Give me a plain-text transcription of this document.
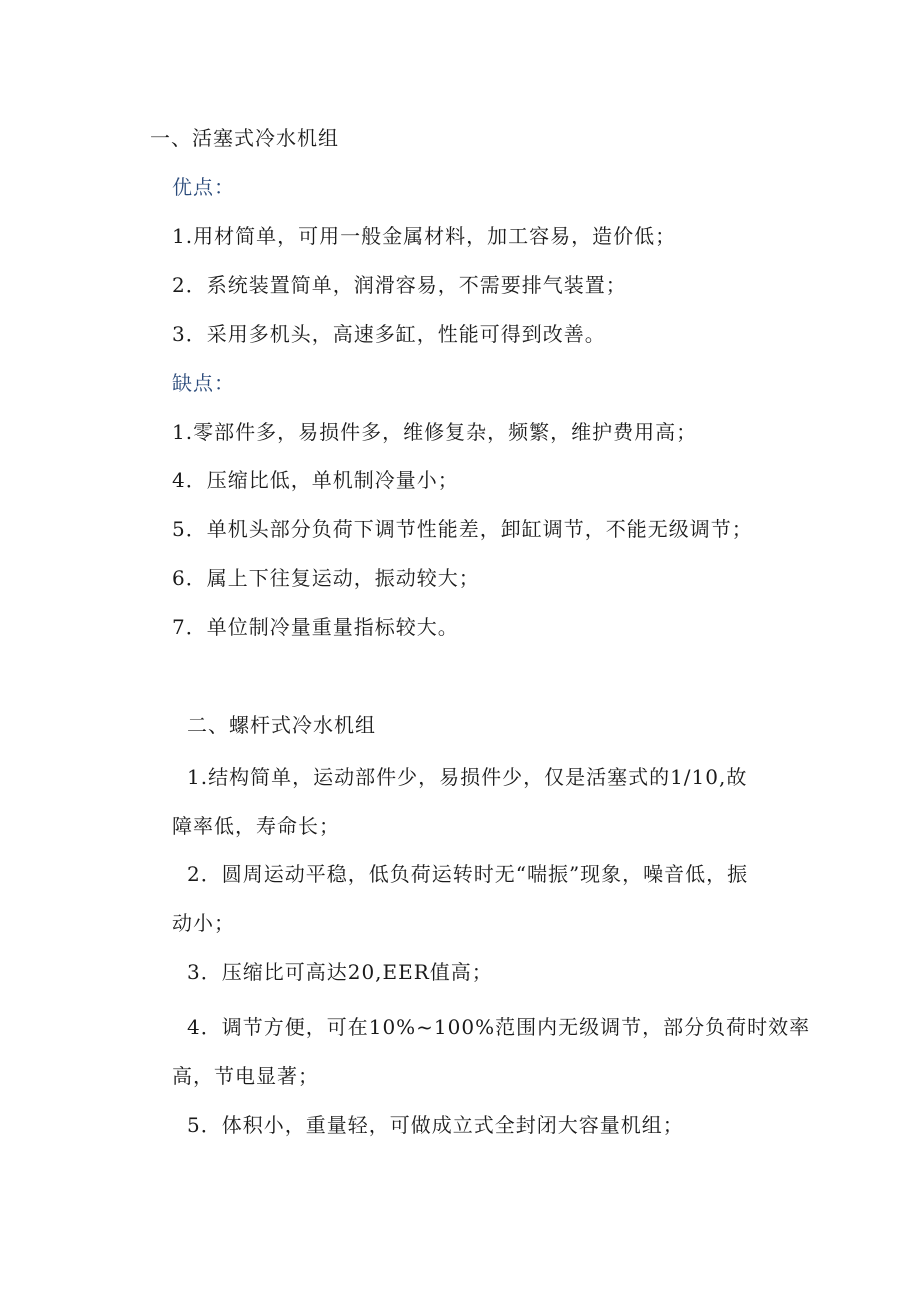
一、活塞式冷水机组
优点：
1.用材简单，可用一般金属材料，加工容易，造价低；
2．系统装置简单，润滑容易，不需要排气装置；
3．采用多机头，高速多缸，性能可得到改善。
缺点：
1.零部件多，易损件多，维修复杂，频繁，维护费用高；
4．压缩比低，单机制冷量小；
5．单机头部分负荷下调节性能差，卸缸调节，不能无级调节；
6．属上下往复运动，振动较大；
7．单位制冷量重量指标较大。
二、螺杆式冷水机组
1.结构简单，运动部件少，易损件少，仅是活塞式的1/10,故
障率低，寿命长；
2．圆周运动平稳，低负荷运转时无“喘振”现象，噪音低，振
动小；
3．压缩比可高达20,EER值高；
4．调节方便，可在10%~100%范围内无级调节，部分负荷时效率
高，节电显著；
5．体积小，重量轻，可做成立式全封闭大容量机组；
